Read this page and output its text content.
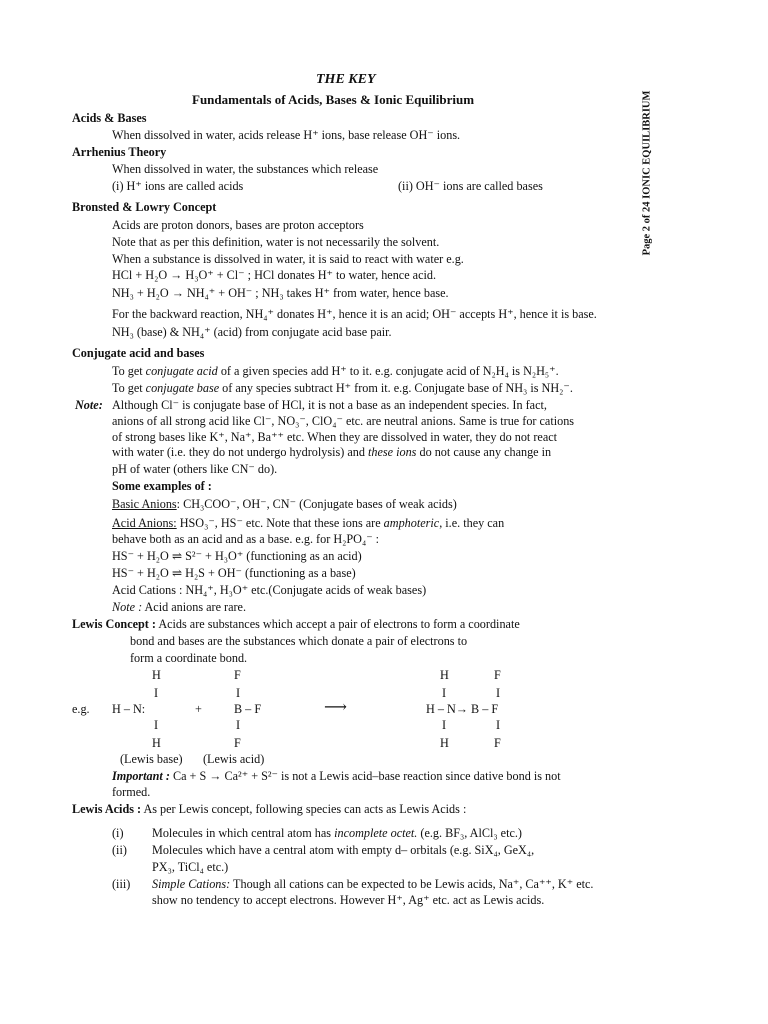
Page 2 of 24 IONIC EQUILIBRIUM
THE KEY
Fundamentals of Acids, Bases & Ionic Equilibrium
Acids & Bases
When dissolved in water, acids release H⁺ ions, base release OH⁻ ions.
Arrhenius Theory
When dissolved in water, the substances which release
(i) H⁺ ions are called acids	(ii) OH⁻ ions are called bases
Bronsted & Lowry Concept
Acids are proton donors, bases are proton acceptors
Note that as per this definition, water is not necessarily the solvent.
When a substance is dissolved in water, it is said to react with water e.g.
HCl + H₂O → H₃O⁺ + Cl⁻ ; HCl donates H⁺ to water, hence acid.
NH₃ + H₂O → NH₄⁺ + OH⁻ ; NH₃ takes H⁺ from water, hence base.
For the backward reaction, NH₄⁺ donates H⁺, hence it is an acid; OH⁻ accepts H⁺, hence it is base.
NH₃ (base) & NH₄⁺ (acid) from conjugate acid base pair.
Conjugate acid and bases
To get conjugate acid of a given species add H⁺ to it. e.g. conjugate acid of N₂H₄ is N₂H₅⁺.
To get conjugate base of any species subtract H⁺ from it. e.g. Conjugate base of NH₃ is NH₂⁻.
Note: Although Cl⁻ is conjugate base of HCl, it is not a base as an independent species. In fact,
anions of all strong acid like Cl⁻, NO₃⁻, ClO₄⁻ etc. are neutral anions. Same is true for cations
of strong bases like K⁺, Na⁺, Ba⁺⁺ etc. When they are dissolved in water, they do not react
with water (i.e. they do not undergo hydrolysis) and these ions do not cause any change in
pH of water (others like CN⁻ do).
Some examples of :
Basic Anions: CH₃COO⁻, OH⁻, CN⁻ (Conjugate bases of weak acids)
Acid Anions: HSO₃⁻, HS⁻ etc. Note that these ions are amphoteric, i.e. they can
behave both as an acid and as a base. e.g. for H₂PO₄⁻ :
HS⁻ + H₂O ⇌ S²⁻ + H₃O⁺ (functioning as an acid)
HS⁻ + H₂O ⇌ H₂S + OH⁻ (functioning as a base)
Acid Cations : NH₄⁺, H₃O⁺ etc.(Conjugate acids of weak bases)
Note : Acid anions are rare.
Lewis Concept : Acids are substances which accept a pair of electrons to form a coordinate
bond and bases are the substances which donate a pair of electrons to
form a coordinate bond.
H	F	H	F
I	I	I	I
e.g. H – N:	+	B – F	⟶	H – N→ B – F
I	I	I	I
H	F	H	F
(Lewis base) (Lewis acid)
Important : Ca + S → Ca²⁺ + S²⁻ is not a Lewis acid–base reaction since dative bond is not
formed.
Lewis Acids : As per Lewis concept, following species can acts as Lewis Acids :
(i) Molecules in which central atom has incomplete octet. (e.g. BF₃, AlCl₃ etc.)
(ii) Molecules which have a central atom with empty d– orbitals (e.g. SiX₄, GeX₄,
PX₃, TiCl₄ etc.)
(iii) Simple Cations: Though all cations can be expected to be Lewis acids, Na⁺, Ca⁺⁺, K⁺ etc.
show no tendency to accept electrons. However H⁺, Ag⁺ etc. act as Lewis acids.
